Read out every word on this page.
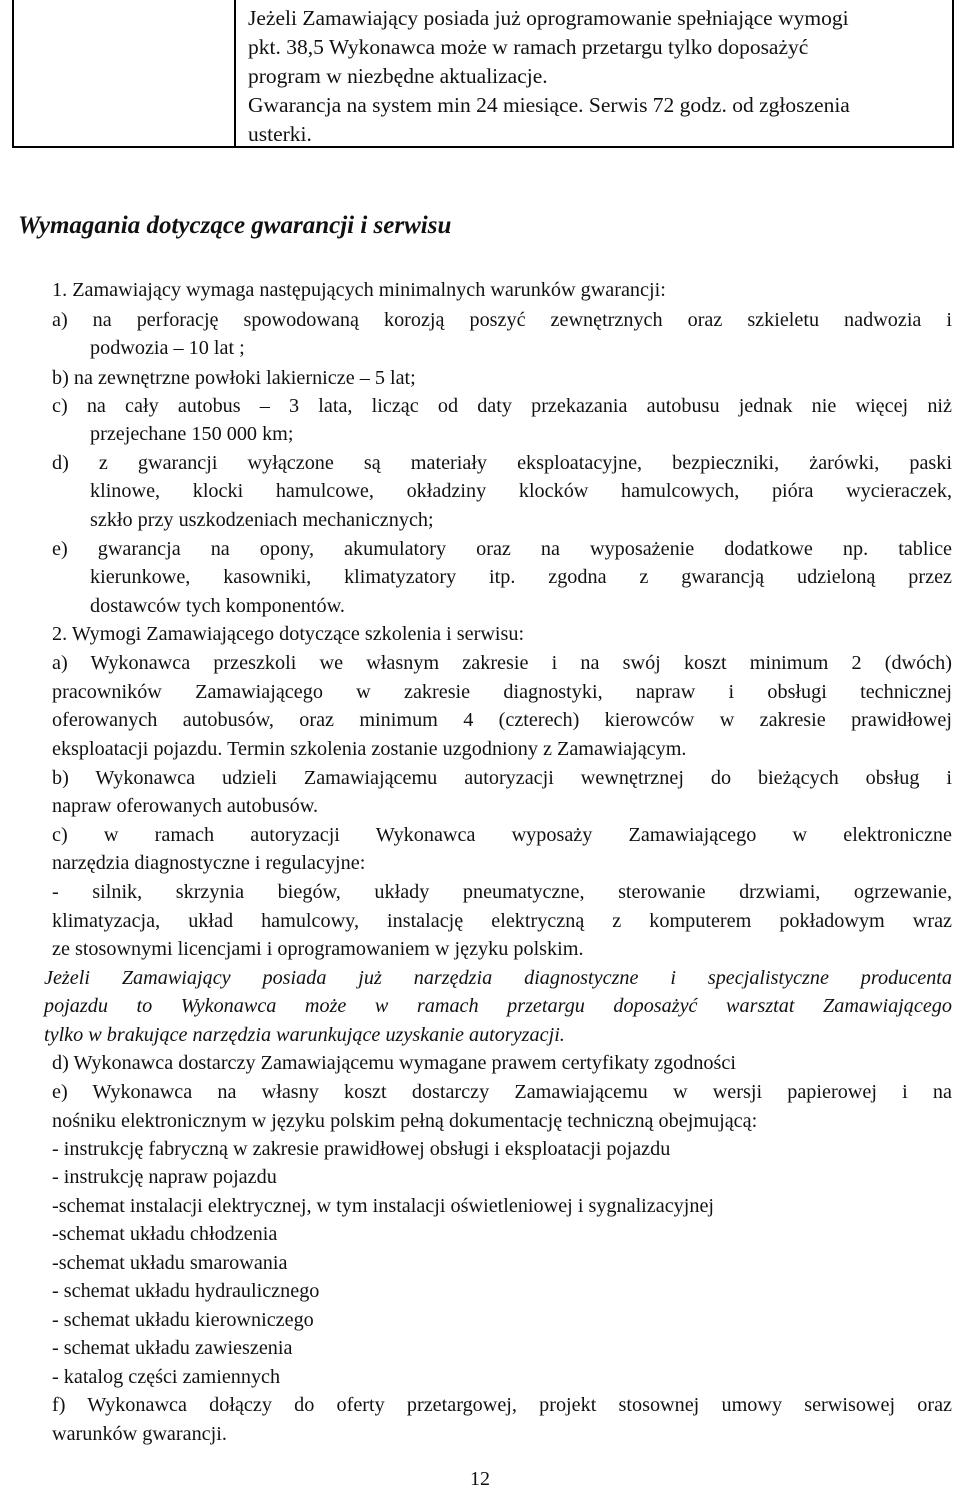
Jeżeli Zamawiający posiada już oprogramowanie spełniające wymogi
pkt. 38,5 Wykonawca może w ramach przetargu tylko doposażyć
program w niezbędne aktualizacje.
Gwarancja na system min 24 miesiące. Serwis 72 godz. od zgłoszenia
usterki.
Wymagania dotyczące gwarancji i serwisu
1. Zamawiający wymaga następujących minimalnych warunków gwarancji:
a) na perforację spowodowaną korozją poszyć zewnętrznych oraz szkieletu nadwozia i
podwozia – 10 lat ;
b) na zewnętrzne powłoki lakiernicze – 5 lat;
c) na cały autobus – 3 lata, licząc od daty przekazania autobusu jednak nie więcej niż
przejechane 150 000 km;
d) z gwarancji wyłączone są materiały eksploatacyjne, bezpieczniki, żarówki, paski
klinowe, klocki hamulcowe, okładziny klocków hamulcowych, pióra wycieraczek,
szkło przy uszkodzeniach mechanicznych;
e) gwarancja na opony, akumulatory oraz na wyposażenie dodatkowe np. tablice
kierunkowe, kasowniki, klimatyzatory itp. zgodna z gwarancją udzieloną przez
dostawców tych komponentów.
2. Wymogi Zamawiającego dotyczące szkolenia i serwisu:
a) Wykonawca przeszkoli we własnym zakresie i na swój koszt minimum 2 (dwóch)
pracowników Zamawiającego w zakresie diagnostyki, napraw i obsługi technicznej
oferowanych autobusów, oraz minimum 4 (czterech) kierowców w zakresie prawidłowej
eksploatacji pojazdu. Termin szkolenia zostanie uzgodniony z Zamawiającym.
b) Wykonawca udzieli Zamawiającemu autoryzacji wewnętrznej do bieżących obsług i
napraw oferowanych autobusów.
c) w ramach autoryzacji Wykonawca wyposaży Zamawiającego w elektroniczne
narzędzia diagnostyczne i regulacyjne:
- silnik, skrzynia biegów, układy pneumatyczne, sterowanie drzwiami, ogrzewanie,
klimatyzacja, układ hamulcowy, instalację elektryczną z komputerem pokładowym wraz
ze stosownymi licencjami i oprogramowaniem w języku polskim.
Jeżeli Zamawiający posiada już narzędzia diagnostyczne i specjalistyczne producenta
pojazdu to Wykonawca może w ramach przetargu doposażyć warsztat Zamawiającego
tylko w brakujące narzędzia warunkujące uzyskanie autoryzacji.
d) Wykonawca dostarczy Zamawiającemu wymagane prawem certyfikaty zgodności
e) Wykonawca na własny koszt dostarczy Zamawiającemu w wersji papierowej i na
nośniku elektronicznym w języku polskim pełną dokumentację techniczną obejmującą:
- instrukcję fabryczną w zakresie prawidłowej obsługi i eksploatacji pojazdu
- instrukcję napraw pojazdu
-schemat instalacji elektrycznej, w tym instalacji oświetleniowej i sygnalizacyjnej
-schemat układu chłodzenia
-schemat układu smarowania
- schemat układu hydraulicznego
- schemat układu kierowniczego
- schemat układu zawieszenia
- katalog części zamiennych
f) Wykonawca dołączy do oferty przetargowej, projekt stosownej umowy serwisowej oraz
warunków gwarancji.
12
